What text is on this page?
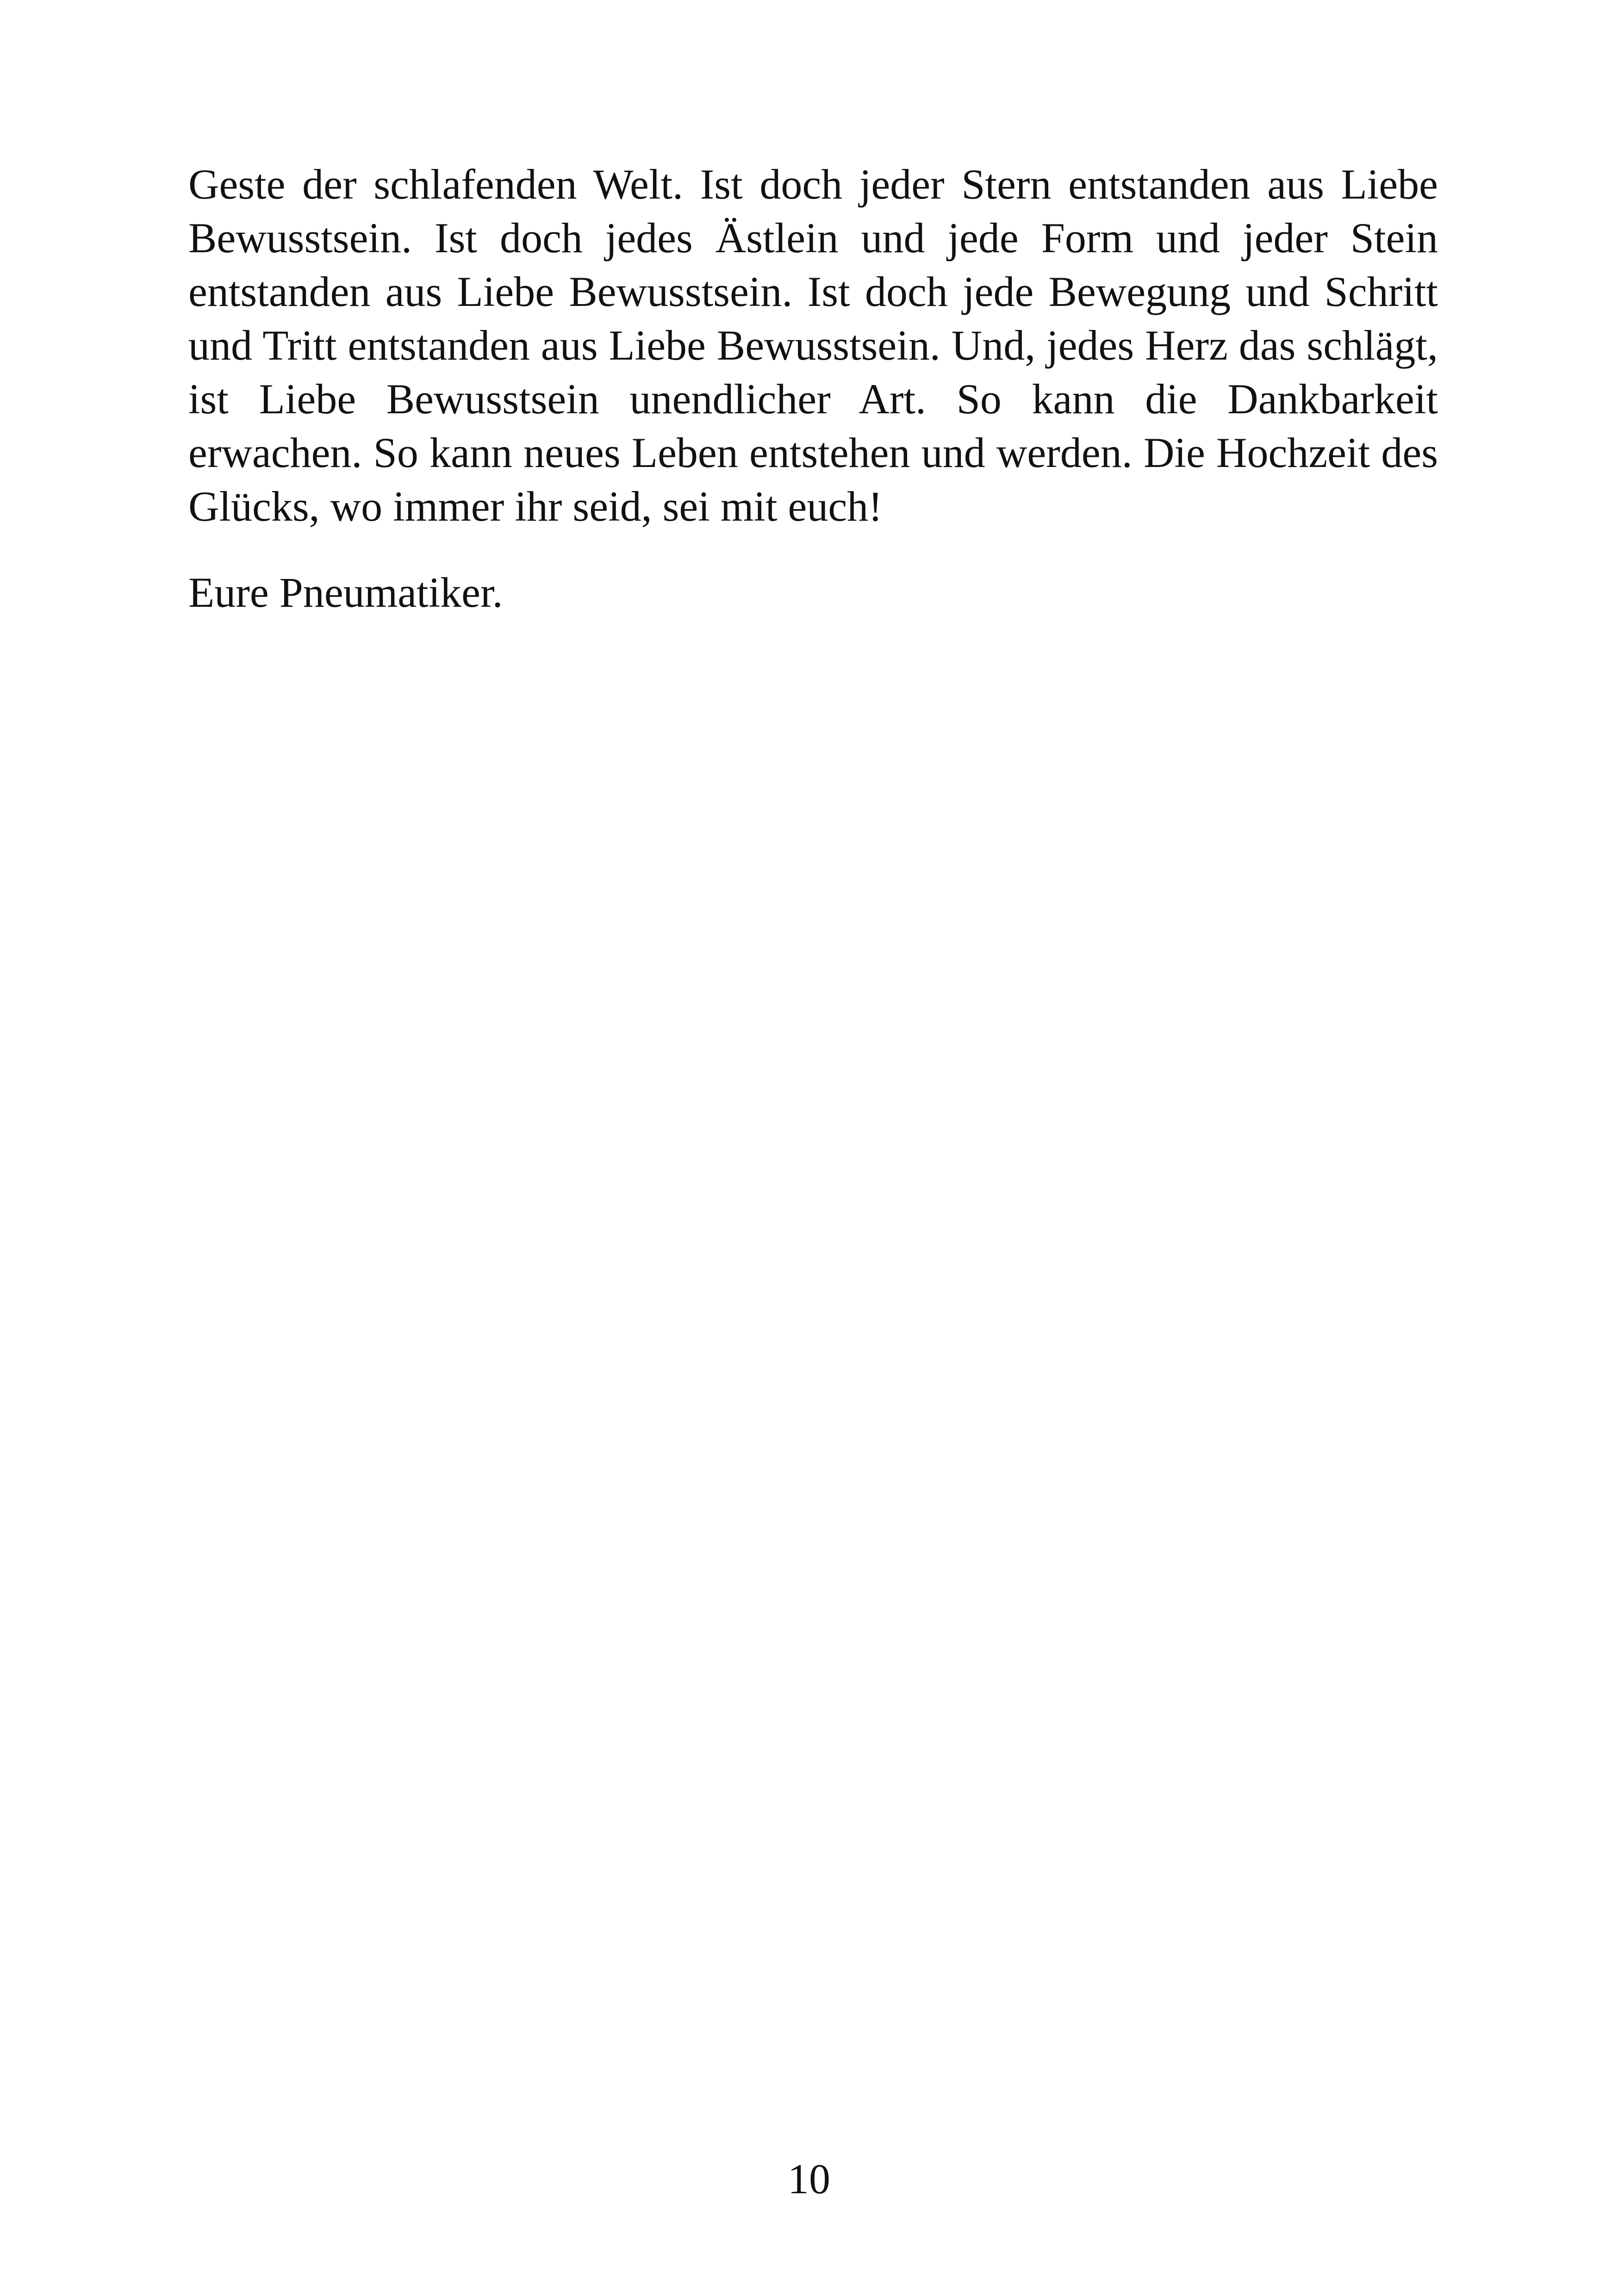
Geste der schlafenden Welt. Ist doch jeder Stern entstanden aus Liebe
Bewusstsein. Ist doch jedes Ästlein und jede Form und jeder Stein
entstanden aus Liebe Bewusstsein. Ist doch jede Bewegung und Schritt
und Tritt entstanden aus Liebe Bewusstsein. Und, jedes Herz das schlägt,
ist Liebe Bewusstsein unendlicher Art. So kann die Dankbarkeit
erwachen. So kann neues Leben entstehen und werden. Die Hochzeit des
Glücks, wo immer ihr seid, sei mit euch!
Eure Pneumatiker.
10
